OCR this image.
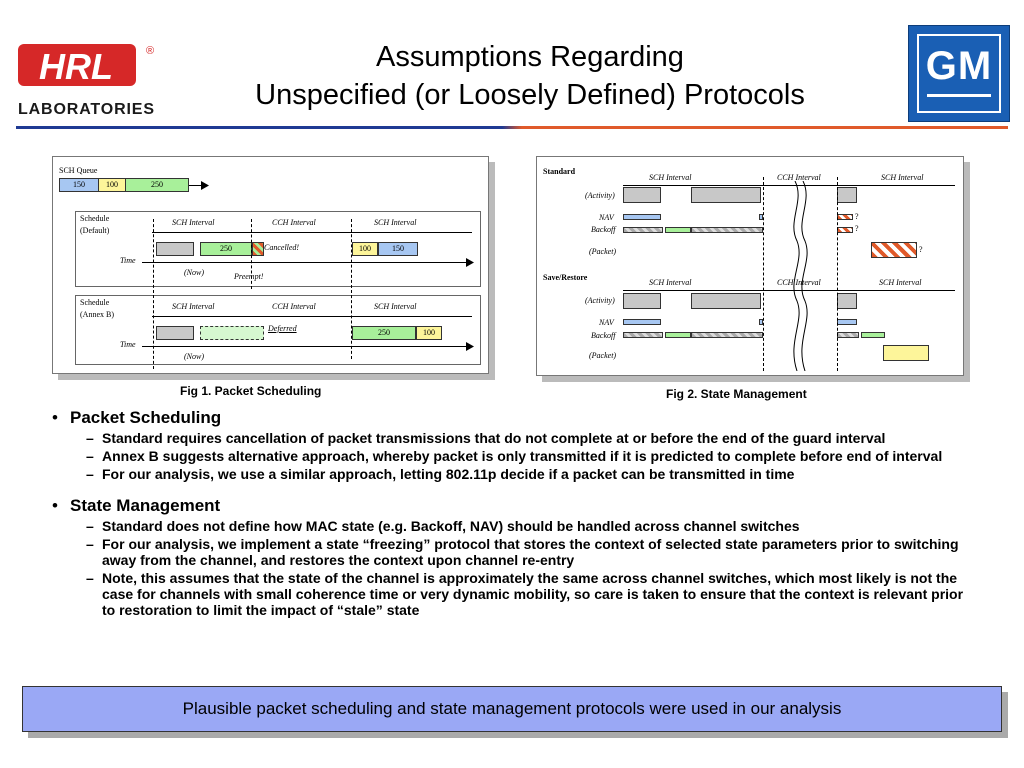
HRL	®
LABORATORIES
Assumptions Regarding
Unspecified (or Loosely Defined) Protocols
GM
SCH Queue
150	100	250
Schedule
(Default)
SCH Interval	CCH Interval	SCH Interval
250	Cancelled!	100	150
Time
(Now)	Preempt!
Schedule
(Annex B)
SCH Interval	CCH Interval	SCH Interval
Deferred	250	100
Time
(Now)
Fig 1. Packet Scheduling
Standard
SCH Interval	CCH Interval	SCH Interval
(Activity)
NAV	?
Backoff	?
(Packet)	?
Save/Restore
SCH Interval	CCH Interval	SCH Interval
(Activity)
NAV
Backoff
(Packet)
Fig 2. State Management
• Packet Scheduling
– Standard requires cancellation of packet transmissions that do not complete at or before the end of the guard interval
– Annex B suggests alternative approach, whereby packet is only transmitted if it is predicted to complete before end of interval
– For our analysis, we use a similar approach, letting 802.11p decide if a packet can be transmitted in time
• State Management
– Standard does not define how MAC state (e.g. Backoff, NAV) should be handled across channel switches
– For our analysis, we implement a state “freezing” protocol that stores the context of selected state parameters prior to switching away from the channel, and restores the context upon channel re-entry
– Note, this assumes that the state of the channel is approximately the same across channel switches, which most likely is not the case for channels with small coherence time or very dynamic mobility, so care is taken to ensure that the context is relevant prior to restoration to limit the impact of “stale” state
Plausible packet scheduling and state management protocols were used in our analysis
